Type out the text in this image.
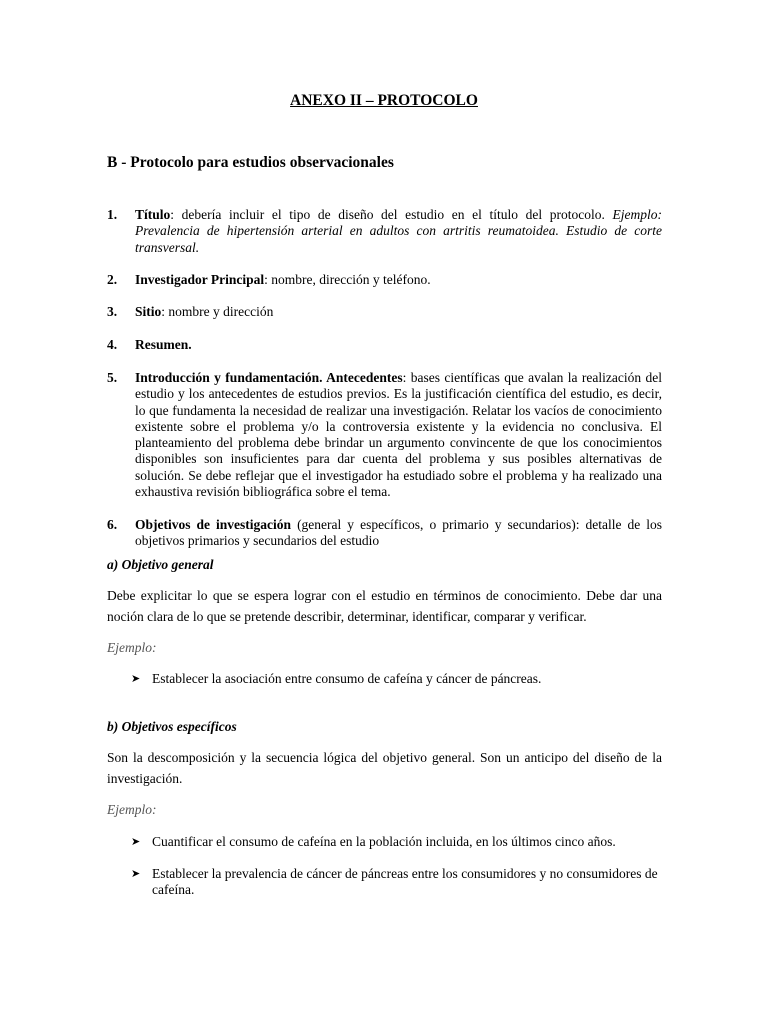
ANEXO II – PROTOCOLO
B - Protocolo para estudios observacionales
1. Título: debería incluir el tipo de diseño del estudio en el título del protocolo. Ejemplo: Prevalencia de hipertensión arterial en adultos con artritis reumatoidea. Estudio de corte transversal.
2. Investigador Principal: nombre, dirección y teléfono.
3. Sitio: nombre y dirección
4. Resumen.
5. Introducción y fundamentación. Antecedentes: bases científicas que avalan la realización del estudio y los antecedentes de estudios previos. Es la justificación científica del estudio, es decir, lo que fundamenta la necesidad de realizar una investigación. Relatar los vacíos de conocimiento existente sobre el problema y/o la controversia existente y la evidencia no conclusiva. El planteamiento del problema debe brindar un argumento convincente de que los conocimientos disponibles son insuficientes para dar cuenta del problema y sus posibles alternativas de solución. Se debe reflejar que el investigador ha estudiado sobre el problema y ha realizado una exhaustiva revisión bibliográfica sobre el tema.
6. Objetivos de investigación (general y específicos, o primario y secundarios): detalle de los objetivos primarios y secundarios del estudio
a) Objetivo general
Debe explicitar lo que se espera lograr con el estudio en términos de conocimiento. Debe dar una noción clara de lo que se pretende describir, determinar, identificar, comparar y verificar.
Ejemplo:
➤ Establecer la asociación entre consumo de cafeína y cáncer de páncreas.
b) Objetivos específicos
Son la descomposición y la secuencia lógica del objetivo general. Son un anticipo del diseño de la investigación.
Ejemplo:
➤ Cuantificar el consumo de cafeína en la población incluida, en los últimos cinco años.
➤ Establecer la prevalencia de cáncer de páncreas entre los consumidores y no consumidores de cafeína.
